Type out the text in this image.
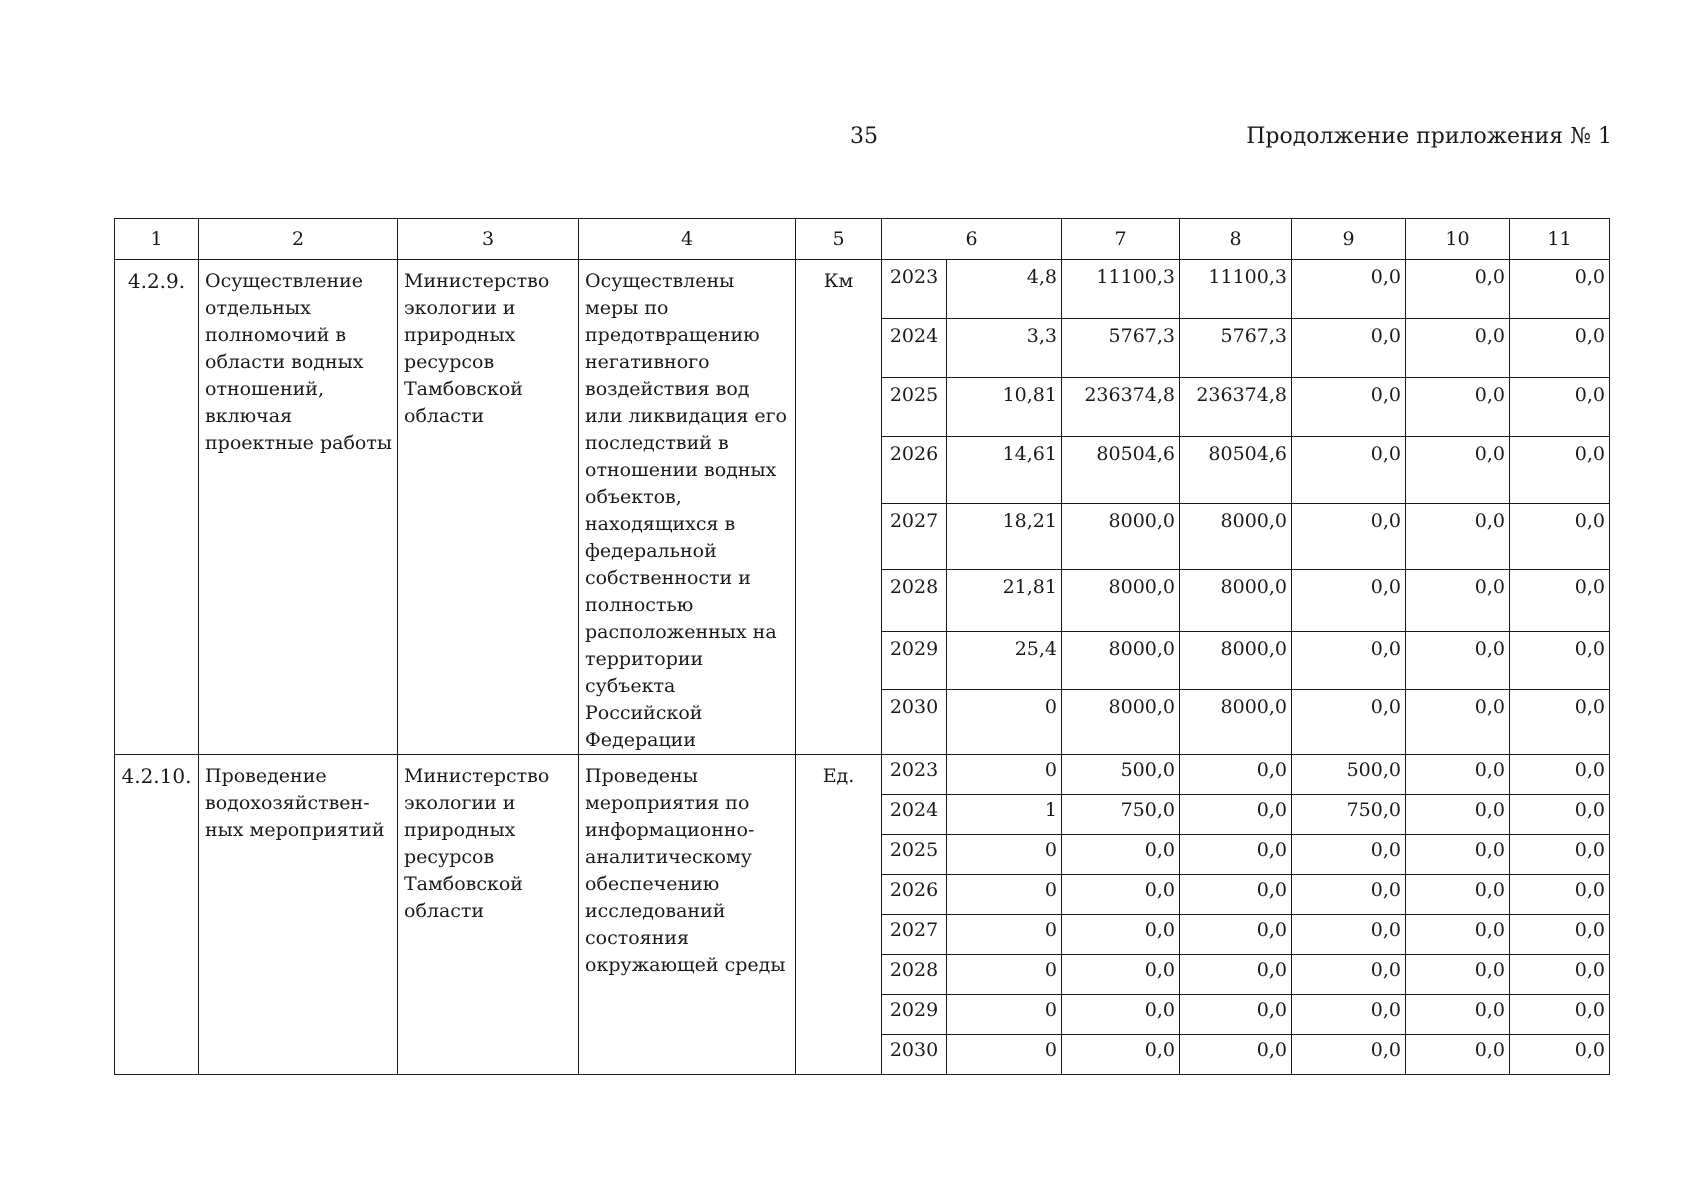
35	Продолжение приложения № 1
1	2	3	4	5	6		7	8	9	10	11
4.2.9.	Осуществление отдельных полномочий в области водных отношений, включая проектные работы	Министерство экологии и природных ресурсов Тамбовской области	Осуществлены меры по предотвращению негативного воздействия вод или ликвидация его последствий в отношении водных объектов, находящихся в федеральной собственности и полностью расположенных на территории субъекта Российской Федерации	Км	2023	4,8	11100,3	11100,3	0,0	0,0	0,0
					2024	3,3	5767,3	5767,3	0,0	0,0	0,0
					2025	10,81	236374,8	236374,8	0,0	0,0	0,0
					2026	14,61	80504,6	80504,6	0,0	0,0	0,0
					2027	18,21	8000,0	8000,0	0,0	0,0	0,0
					2028	21,81	8000,0	8000,0	0,0	0,0	0,0
					2029	25,4	8000,0	8000,0	0,0	0,0	0,0
					2030	0	8000,0	8000,0	0,0	0,0	0,0
4.2.10.	Проведение водохозяйствен-ных мероприятий	Министерство экологии и природных ресурсов Тамбовской области	Проведены мероприятия по информационно-аналитическому обеспечению исследований состояния окружающей среды	Ед.	2023	0	500,0	0,0	500,0	0,0	0,0
					2024	1	750,0	0,0	750,0	0,0	0,0
					2025	0	0,0	0,0	0,0	0,0	0,0
					2026	0	0,0	0,0	0,0	0,0	0,0
					2027	0	0,0	0,0	0,0	0,0	0,0
					2028	0	0,0	0,0	0,0	0,0	0,0
					2029	0	0,0	0,0	0,0	0,0	0,0
					2030	0	0,0	0,0	0,0	0,0	0,0
